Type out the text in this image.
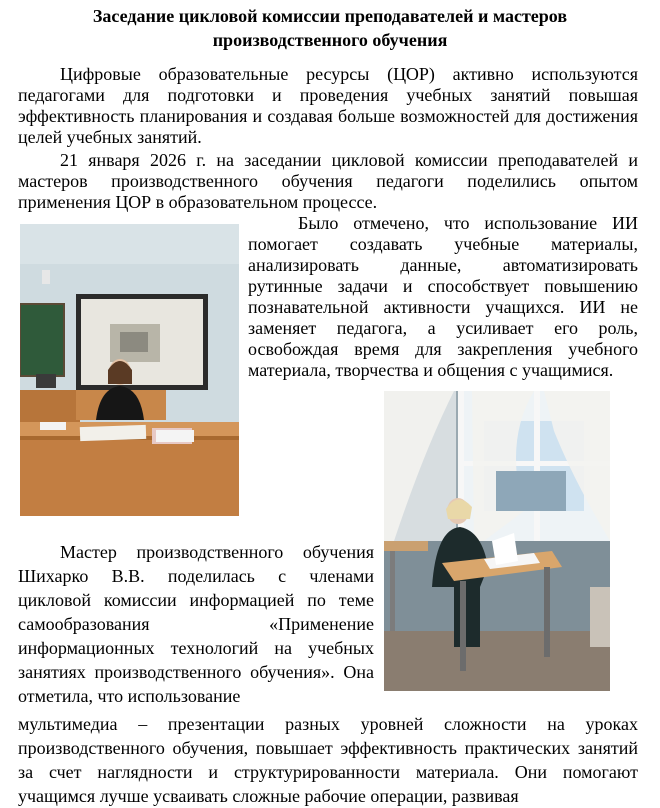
Заседание цикловой комиссии преподавателей и мастеров
производственного обучения

Цифровые образовательные ресурсы (ЦОР) активно используются педагогами для подготовки и проведения учебных занятий повышая эффективность планирования и создавая больше возможностей для достижения целей учебных занятий.

21 января 2026 г. на заседании цикловой комиссии преподавателей и мастеров производственного обучения педагоги поделились опытом применения ЦОР в образовательном процессе.

Было отмечено, что использование ИИ помогает создавать учебные материалы, анализировать данные, автоматизировать рутинные задачи и способствует повышению познавательной активности учащихся. ИИ не заменяет педагога, а усиливает его роль, освобождая время для закрепления учебного материала, творчества и общения с учащимися.

Мастер производственного обучения Шихарко В.В. поделилась с членами цикловой комиссии информацией по теме самообразования «Применение информационных технологий на учебных занятиях производственного обучения». Она отметила, что использование

мультимедиа – презентации разных уровней сложности на уроках производственного обучения, повышает эффективность практических занятий за счет наглядности и структурированности материала. Они помогают учащимся лучше усваивать сложные рабочие операции, развивая
